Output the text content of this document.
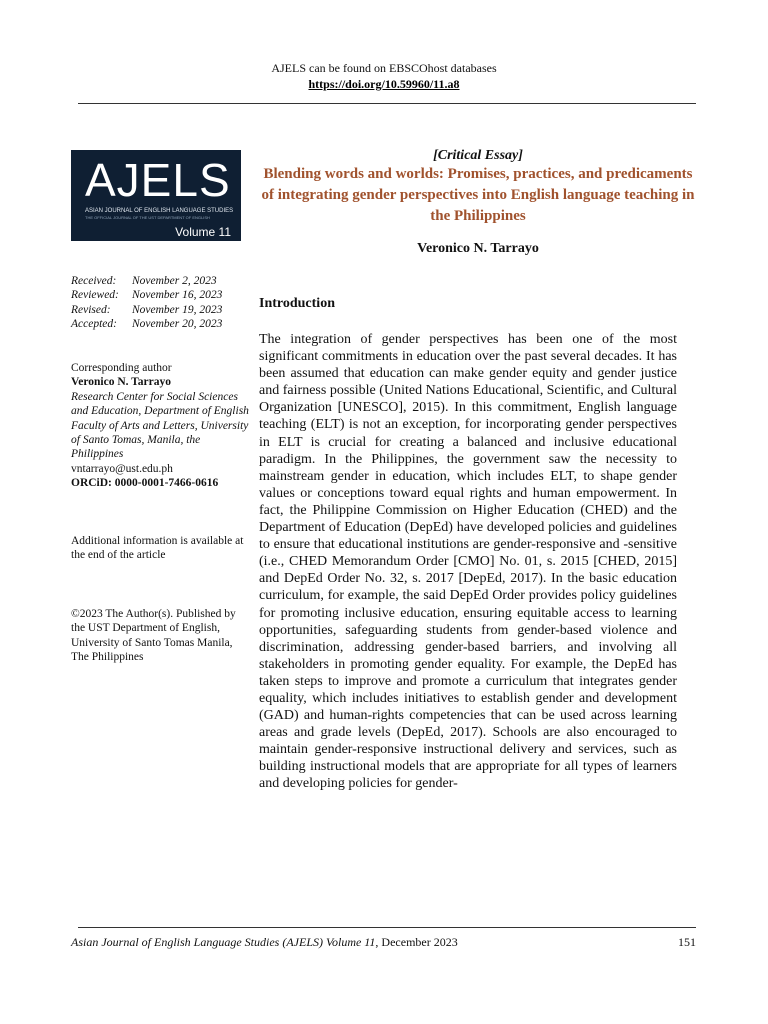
AJELS can be found on EBSCOhost databases
https://doi.org/10.59960/11.a8
AJELS
ASIAN JOURNAL OF ENGLISH LANGUAGE STUDIES
THE OFFICIAL JOURNAL OF THE UST DEPARTMENT OF ENGLISH
Volume 11
[Critical Essay]
Blending words and worlds: Promises, practices, and predicaments of integrating gender perspectives into English language teaching in the Philippines
Veronico N. Tarrayo
Received:	November 2, 2023
Reviewed:	November 16, 2023
Revised:	November 19, 2023
Accepted:	November 20, 2023
Corresponding author
Veronico N. Tarrayo
Research Center for Social Sciences and Education, Department of English Faculty of Arts and Letters, University of Santo Tomas, Manila, the Philippines
vntarrayo@ust.edu.ph
ORCiD: 0000-0001-7466-0616
Additional information is available at the end of the article
©2023 The Author(s). Published by the UST Department of English, University of Santo Tomas Manila, The Philippines
Introduction
The integration of gender perspectives has been one of the most significant commitments in education over the past several decades. It has been assumed that education can make gender equity and gender justice and fairness possible (United Nations Educational, Scientific, and Cultural Organization [UNESCO], 2015). In this commitment, English language teaching (ELT) is not an exception, for incorporating gender perspectives in ELT is crucial for creating a balanced and inclusive educational paradigm. In the Philippines, the government saw the necessity to mainstream gender in education, which includes ELT, to shape gender values or conceptions toward equal rights and human empowerment. In fact, the Philippine Commission on Higher Education (CHED) and the Department of Education (DepEd) have developed policies and guidelines to ensure that educational institutions are gender-responsive and -sensitive (i.e., CHED Memorandum Order [CMO] No. 01, s. 2015 [CHED, 2015] and DepEd Order No. 32, s. 2017 [DepEd, 2017). In the basic education curriculum, for example, the said DepEd Order provides policy guidelines for promoting inclusive education, ensuring equitable access to learning opportunities, safeguarding students from gender-based violence and discrimination, addressing gender-based barriers, and involving all stakeholders in promoting gender equality. For example, the DepEd has taken steps to improve and promote a curriculum that integrates gender equality, which includes initiatives to establish gender and development (GAD) and human-rights competencies that can be used across learning areas and grade levels (DepEd, 2017). Schools are also encouraged to maintain gender-responsive instructional delivery and services, such as building instructional models that are appropriate for all types of learners and developing policies for gender-
Asian Journal of English Language Studies (AJELS) Volume 11, December 2023	151
